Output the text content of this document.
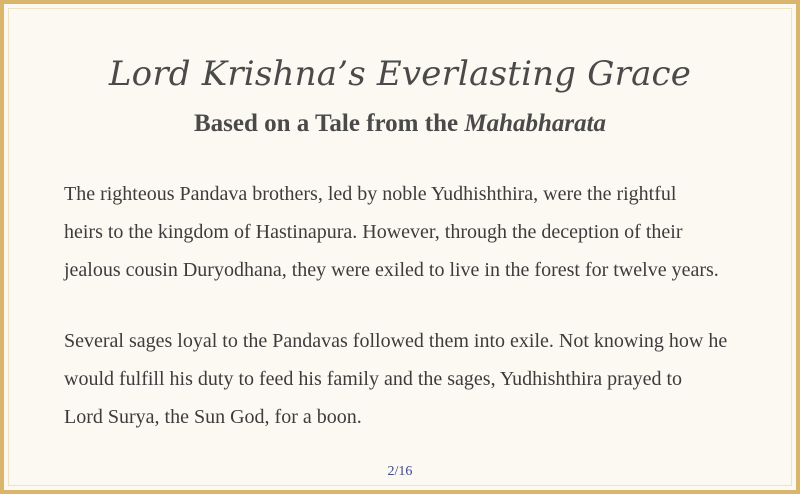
Lord Krishna’s Everlasting Grace
Based on a Tale from the Mahabharata
The righteous Pandava brothers, led by noble Yudhishthira, were the rightful
heirs to the kingdom of Hastinapura. However, through the deception of their
jealous cousin Duryodhana, they were exiled to live in the forest for twelve years.
Several sages loyal to the Pandavas followed them into exile. Not knowing how he
would fulfill his duty to feed his family and the sages, Yudhishthira prayed to
Lord Surya, the Sun God, for a boon.
2/16
